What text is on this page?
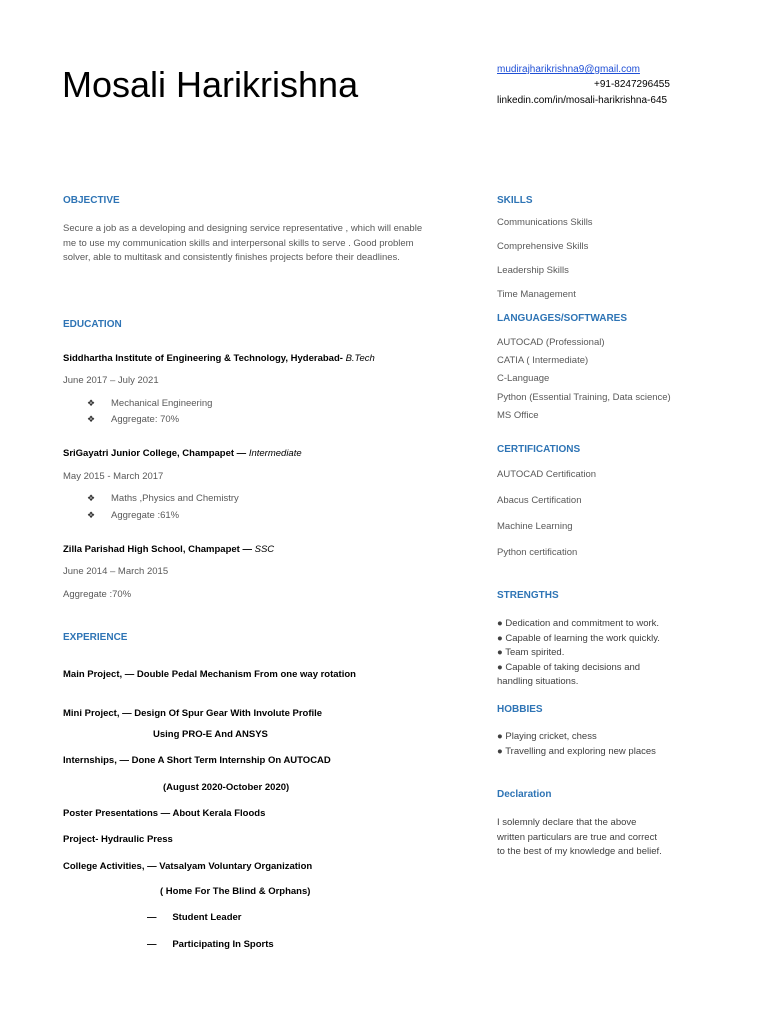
Mosali Harikrishna	mudirajharikrishna9@gmail.com
+91-8247296455
linkedin.com/in/mosali-harikrishna-645
OBJECTIVE
Secure a job as a developing and designing service representative , which will enable
me to use my communication skills and interpersonal skills to serve . Good problem
solver, able to multitask and consistently finishes projects before their deadlines.
EDUCATION
Siddhartha Institute of Engineering & Technology, Hyderabad- B.Tech
June 2017 – July 2021
❖ Mechanical Engineering
❖ Aggregate: 70%
SriGayatri Junior College, Champapet — Intermediate
May 2015 - March 2017
❖ Maths ,Physics and Chemistry
❖ Aggregate :61%
Zilla Parishad High School, Champapet — SSC
June 2014 – March 2015
Aggregate :70%
EXPERIENCE
Main Project, — Double Pedal Mechanism From one way rotation
Mini Project, — Design Of Spur Gear With Involute Profile
Using PRO-E And ANSYS
Internships, — Done A Short Term Internship On AUTOCAD
(August 2020-October 2020)
Poster Presentations — About Kerala Floods
Project- Hydraulic Press
College Activities, — Vatsalyam Voluntary Organization
( Home For The Blind & Orphans)
—      Student Leader
—      Participating In Sports
SKILLS
Communications Skills
Comprehensive Skills
Leadership Skills
Time Management
LANGUAGES/SOFTWARES
AUTOCAD (Professional)
CATIA ( Intermediate)
C-Language
Python (Essential Training, Data science)
MS Office
CERTIFICATIONS
AUTOCAD Certification
Abacus Certification
Machine Learning
Python certification
STRENGTHS
● Dedication and commitment to work.
● Capable of learning the work quickly.
● Team spirited.
● Capable of taking decisions and
handling situations.
HOBBIES
● Playing cricket, chess
● Travelling and exploring new places
Declaration
I solemnly declare that the above
written particulars are true and correct
to the best of my knowledge and belief.
